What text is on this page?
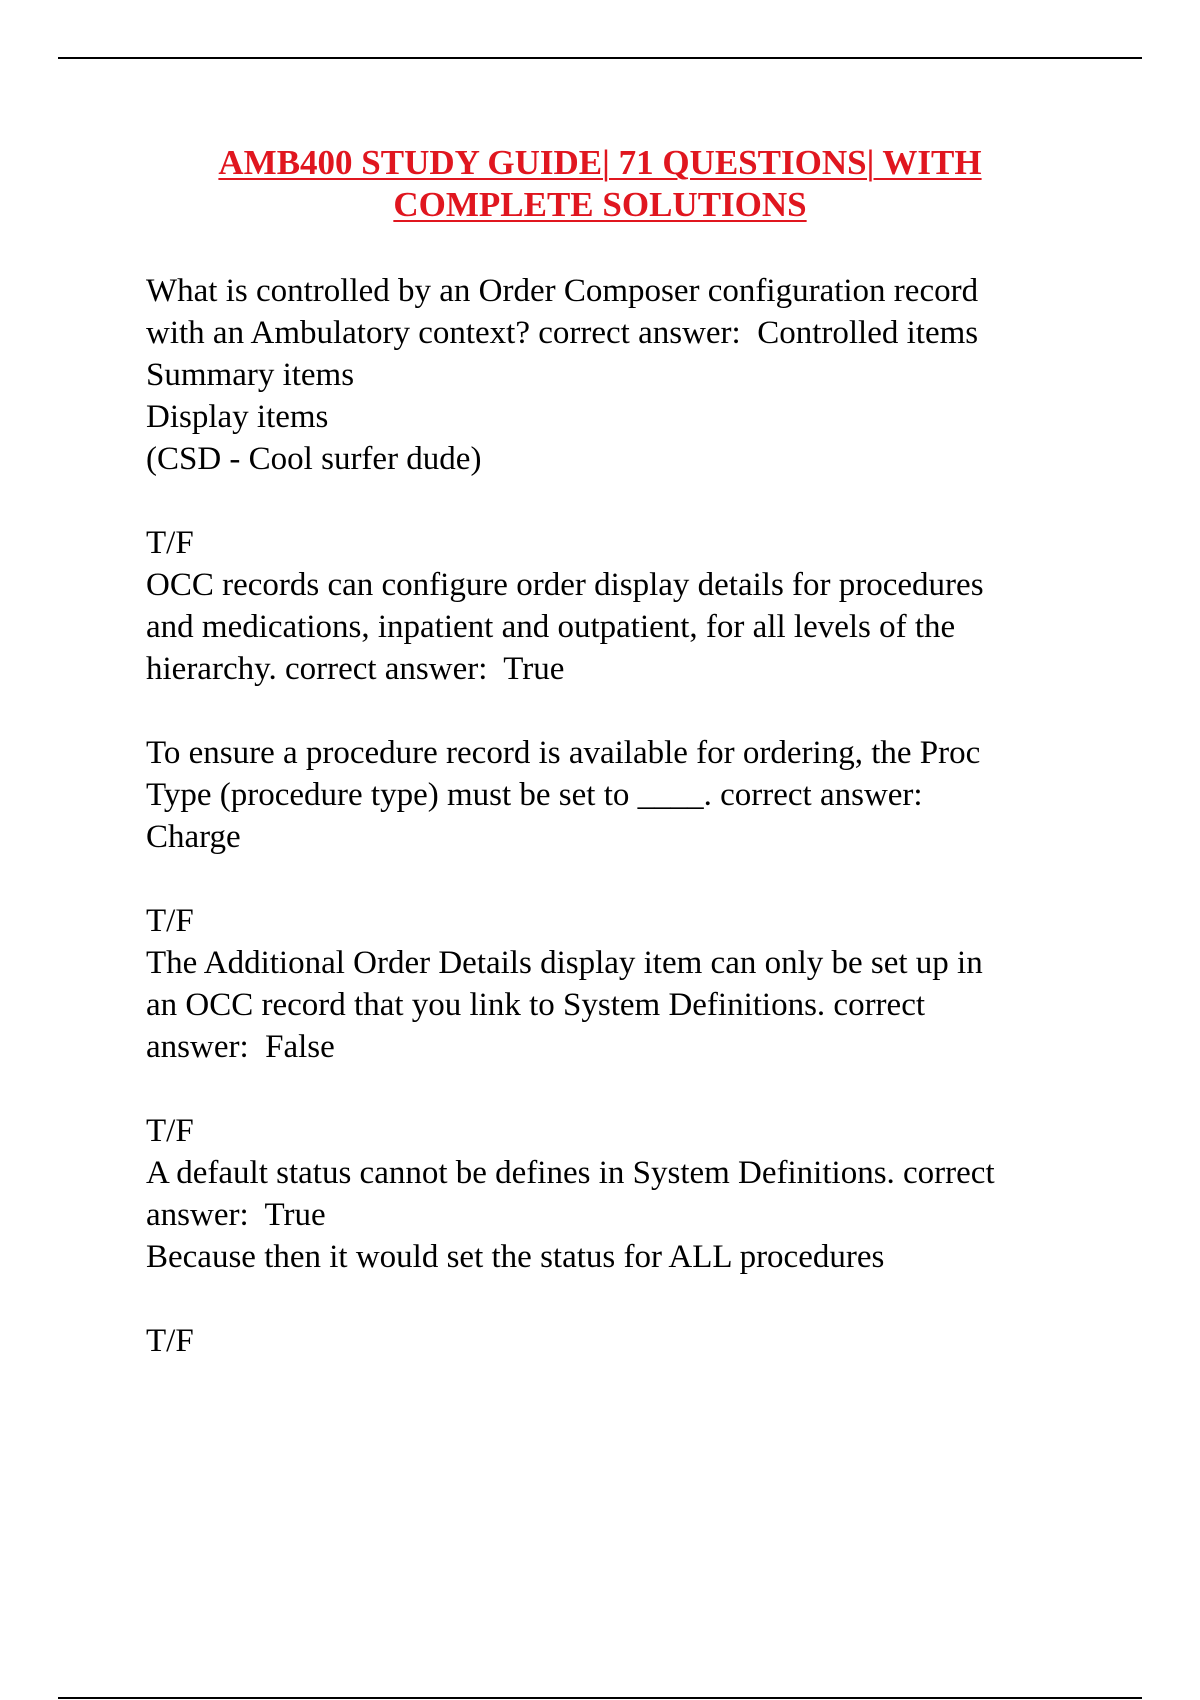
AMB400 STUDY GUIDE| 71 QUESTIONS| WITH
COMPLETE SOLUTIONS
What is controlled by an Order Composer configuration record
with an Ambulatory context? correct answer:  Controlled items
Summary items
Display items
(CSD - Cool surfer dude)
T/F
OCC records can configure order display details for procedures
and medications, inpatient and outpatient, for all levels of the
hierarchy. correct answer:  True
To ensure a procedure record is available for ordering, the Proc
Type (procedure type) must be set to ____. correct answer:
Charge
T/F
The Additional Order Details display item can only be set up in
an OCC record that you link to System Definitions. correct
answer:  False
T/F
A default status cannot be defines in System Definitions. correct
answer:  True
Because then it would set the status for ALL procedures
T/F
